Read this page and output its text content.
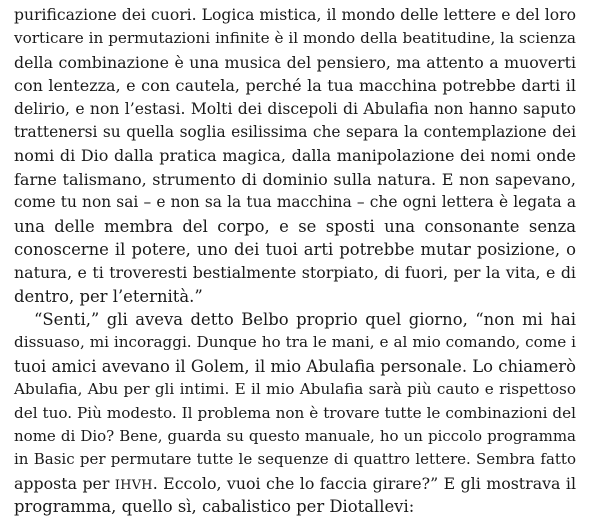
purificazione dei cuori. Logica mistica, il mondo delle lettere e del loro
vorticare in permutazioni infinite è il mondo della beatitudine, la scienza
della combinazione è una musica del pensiero, ma attento a muoverti
con lentezza, e con cautela, perché la tua macchina potrebbe darti il
delirio, e non l’estasi. Molti dei discepoli di Abulafia non hanno saputo
trattenersi su quella soglia esilissima che separa la contemplazione dei
nomi di Dio dalla pratica magica, dalla manipolazione dei nomi onde
farne talismano, strumento di dominio sulla natura. E non sapevano,
come tu non sai – e non sa la tua macchina – che ogni lettera è legata a
una delle membra del corpo, e se sposti una consonante senza
conoscerne il potere, uno dei tuoi arti potrebbe mutar posizione, o
natura, e ti troveresti bestialmente storpiato, di fuori, per la vita, e di
dentro, per l’eternità.”
“Senti,” gli aveva detto Belbo proprio quel giorno, “non mi hai
dissuaso, mi incoraggi. Dunque ho tra le mani, e al mio comando, come i
tuoi amici avevano il Golem, il mio Abulafia personale. Lo chiamerò
Abulafia, Abu per gli intimi. E il mio Abulafia sarà più cauto e rispettoso
del tuo. Più modesto. Il problema non è trovare tutte le combinazioni del
nome di Dio? Bene, guarda su questo manuale, ho un piccolo programma
in Basic per permutare tutte le sequenze di quattro lettere. Sembra fatto
apposta per IHVH. Eccolo, vuoi che lo faccia girare?” E gli mostrava il
programma, quello sì, cabalistico per Diotallevi:
